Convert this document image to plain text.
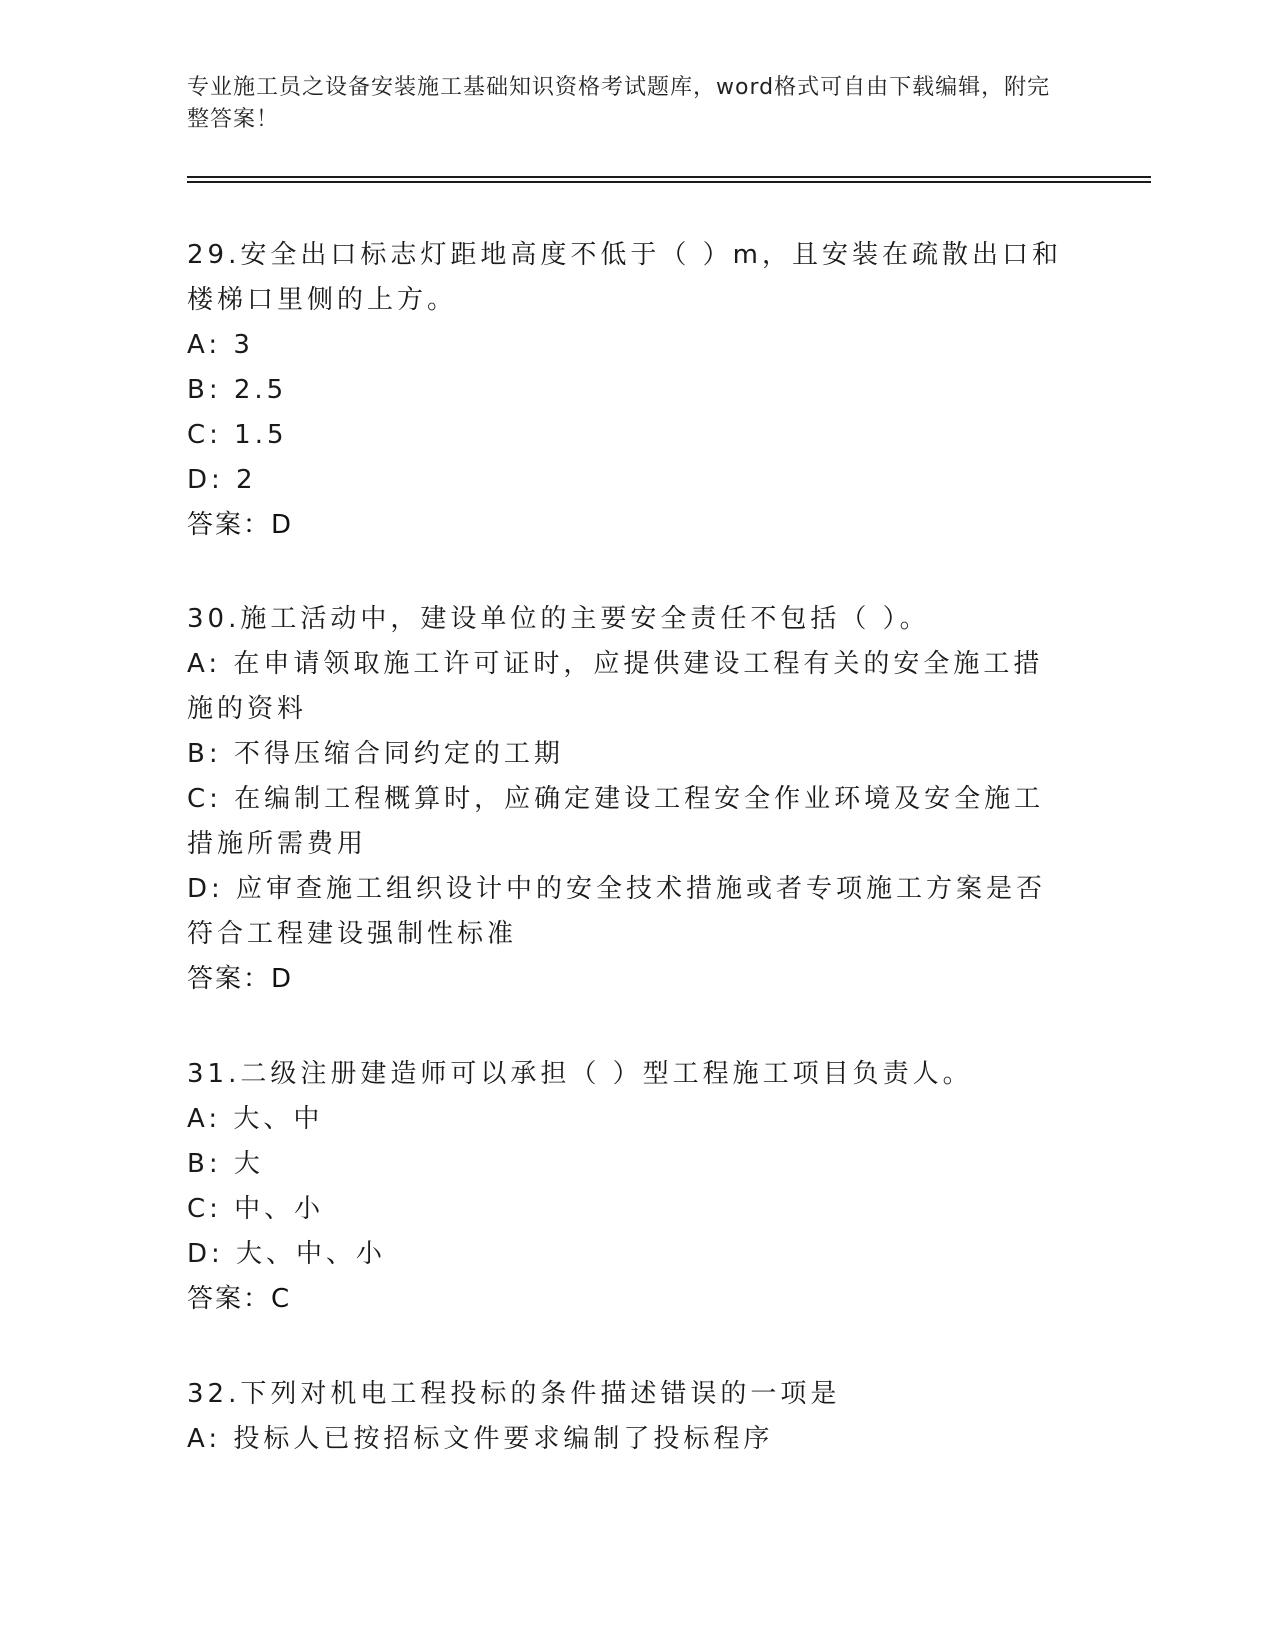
专业施工员之设备安装施工基础知识资格考试题库，word格式可自由下载编辑，附完整答案！
29.安全出口标志灯距地高度不低于（ ）m，且安装在疏散出口和楼梯口里侧的上方。
A: 3
B: 2.5
C: 1.5
D: 2
答案：D
30.施工活动中，建设单位的主要安全责任不包括（ ）。
A: 在申请领取施工许可证时，应提供建设工程有关的安全施工措施的资料
B: 不得压缩合同约定的工期
C: 在编制工程概算时，应确定建设工程安全作业环境及安全施工措施所需费用
D: 应审查施工组织设计中的安全技术措施或者专项施工方案是否符合工程建设强制性标准
答案：D
31.二级注册建造师可以承担（ ）型工程施工项目负责人。
A: 大、中
B: 大
C: 中、小
D: 大、中、小
答案：C
32.下列对机电工程投标的条件描述错误的一项是
A: 投标人已按招标文件要求编制了投标程序
